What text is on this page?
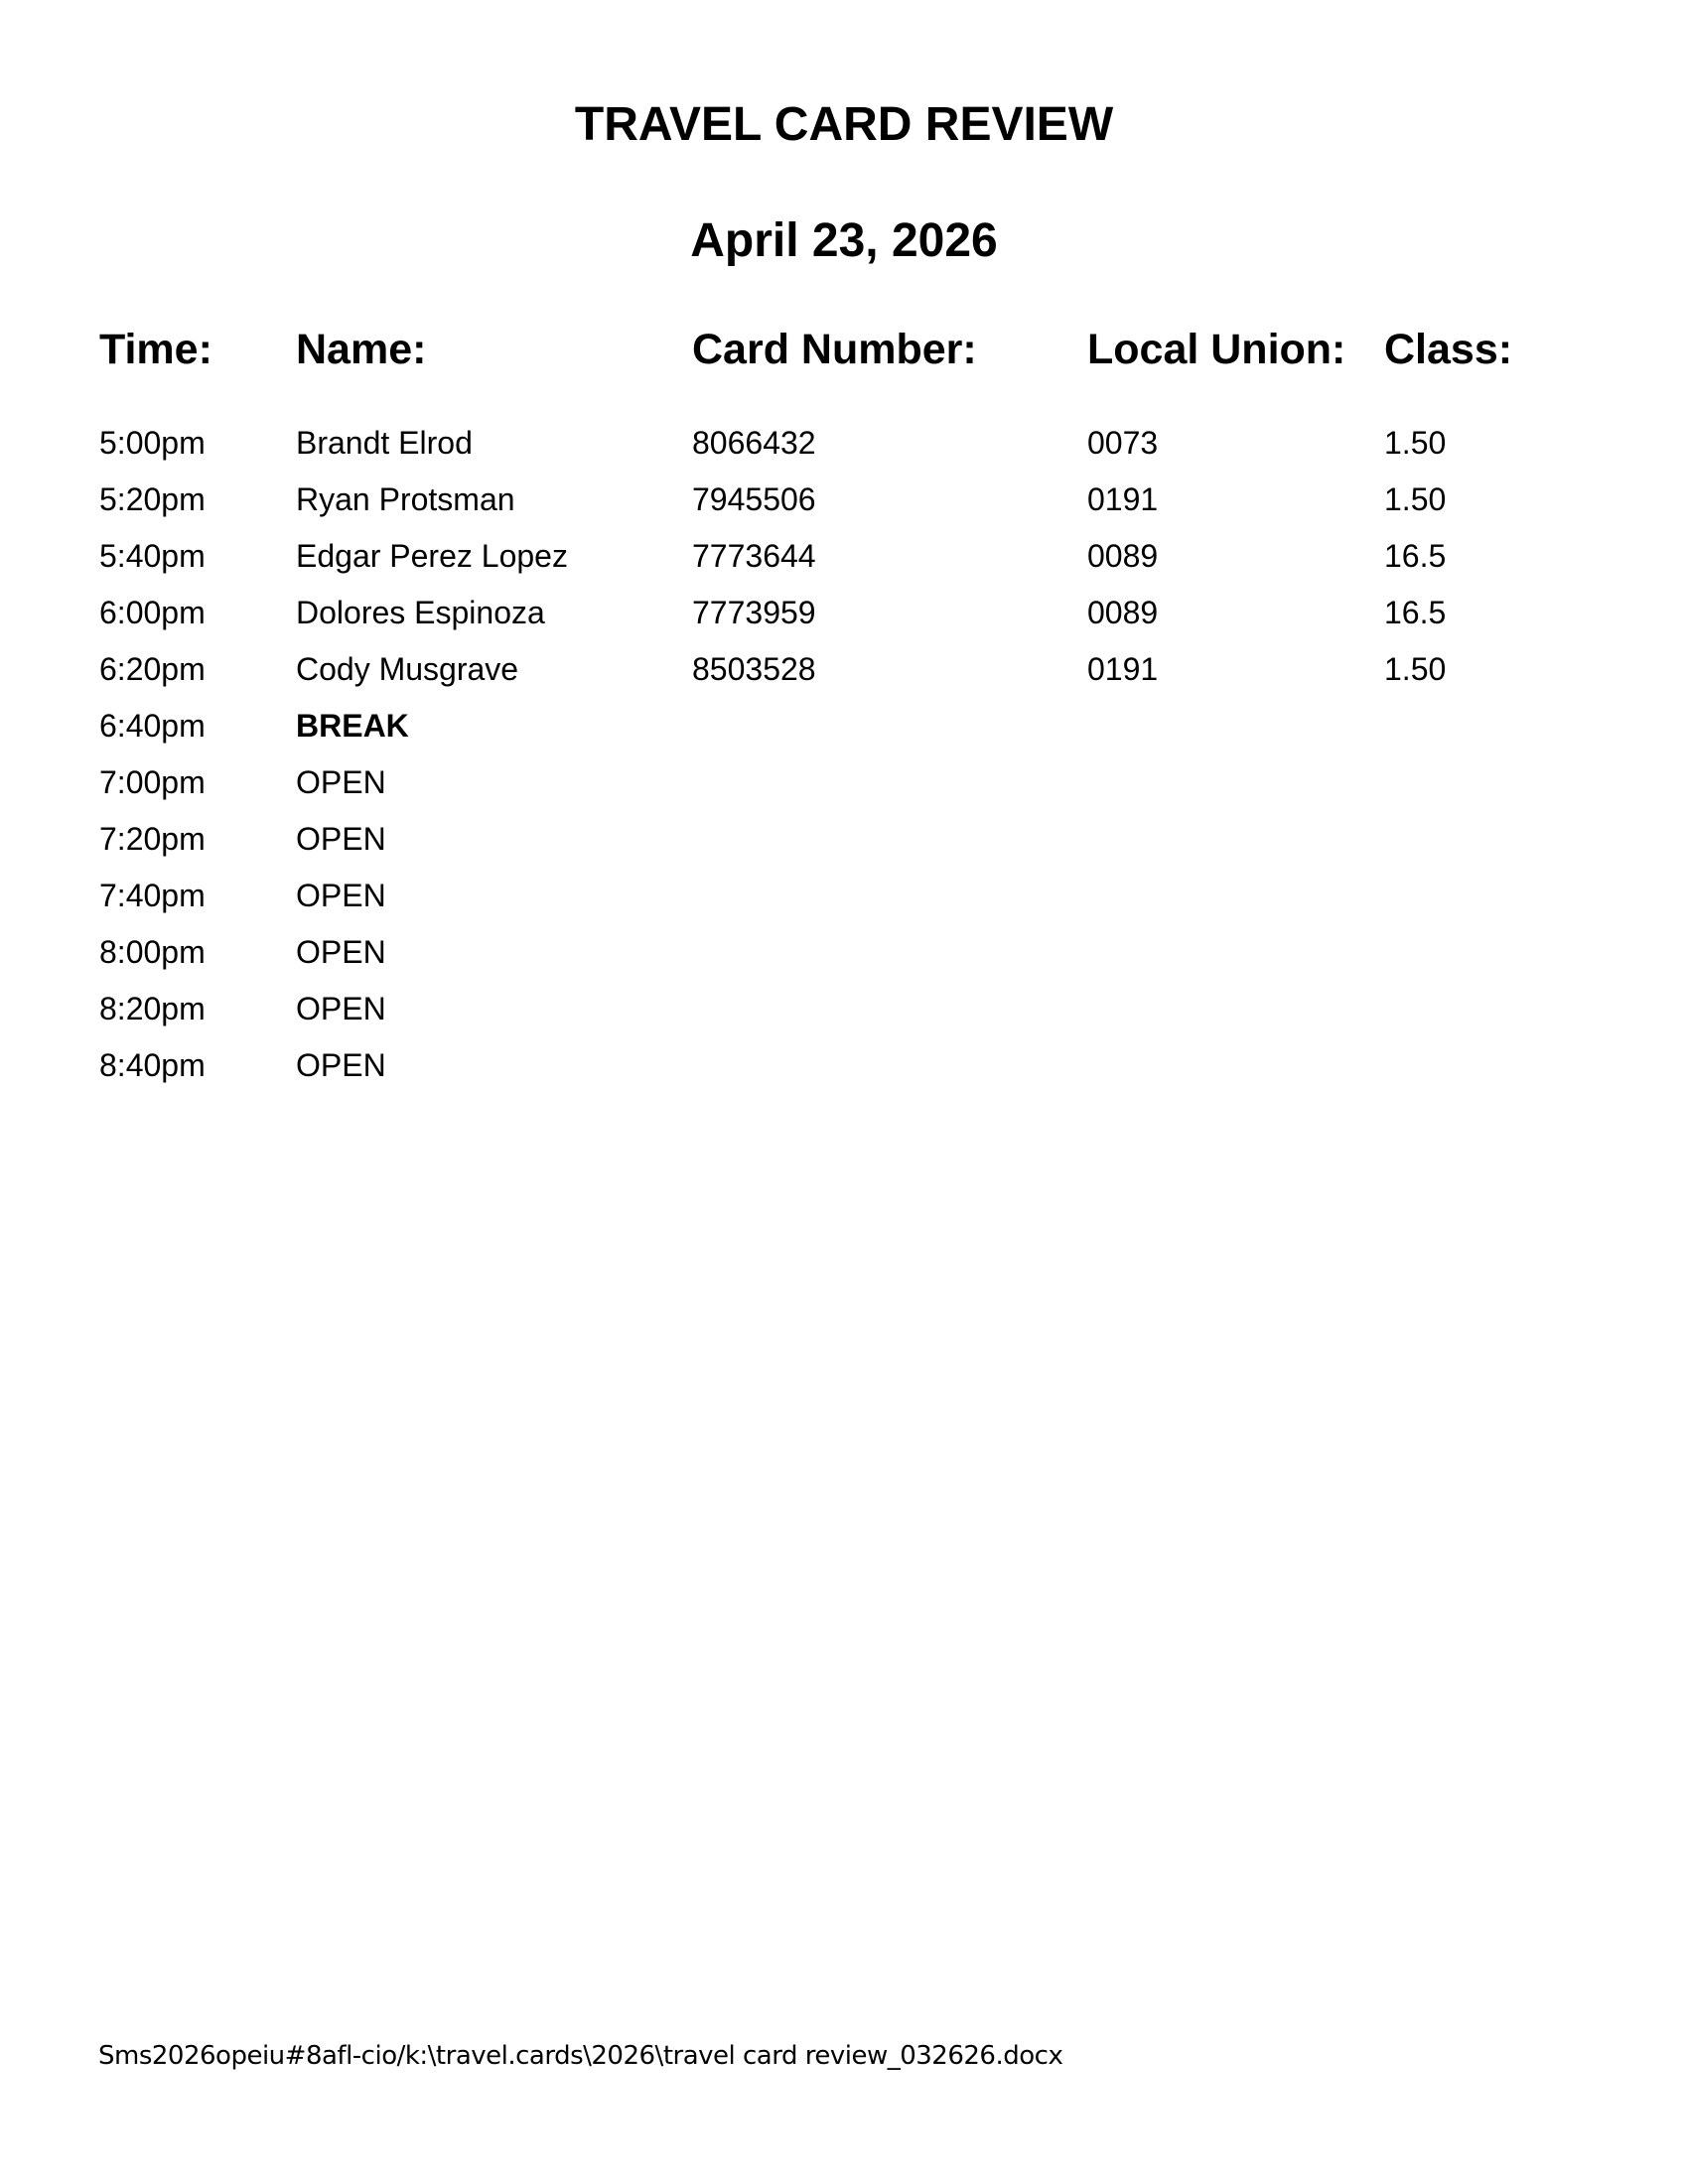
TRAVEL CARD REVIEW
April 23, 2026
Time: Name:	Card Number:	Local Union: Class:
5:00pm	Brandt Elrod	8066432	0073	1.50
5:20pm	Ryan Protsman	7945506	0191	1.50
5:40pm	Edgar Perez Lopez	7773644	0089	16.5
6:00pm	Dolores Espinoza	7773959	0089	16.5
6:20pm	Cody Musgrave	8503528	0191	1.50
6:40pm	BREAK
7:00pm	OPEN
7:20pm	OPEN
7:40pm	OPEN
8:00pm	OPEN
8:20pm	OPEN
8:40pm	OPEN
Sms2026opeiu#8afl-cio/k:\travel.cards\2026\travel card review_032626.docx
